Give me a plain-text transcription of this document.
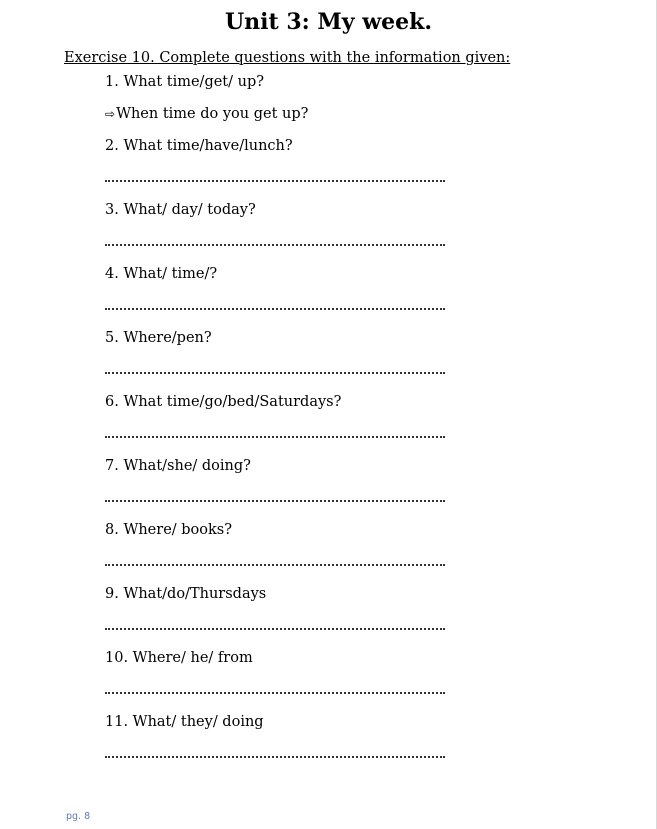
Unit 3: My week.
Exercise 10. Complete questions with the information given:
1. What time/get/ up?
⇨When time do you get up?
2. What time/have/lunch?
3. What/ day/ today?
4. What/ time/?
5. Where/pen?
6. What time/go/bed/Saturdays?
7. What/she/ doing?
8. Where/ books?
9. What/do/Thursdays
10. Where/ he/ from
11. What/ they/ doing
pg. 8
